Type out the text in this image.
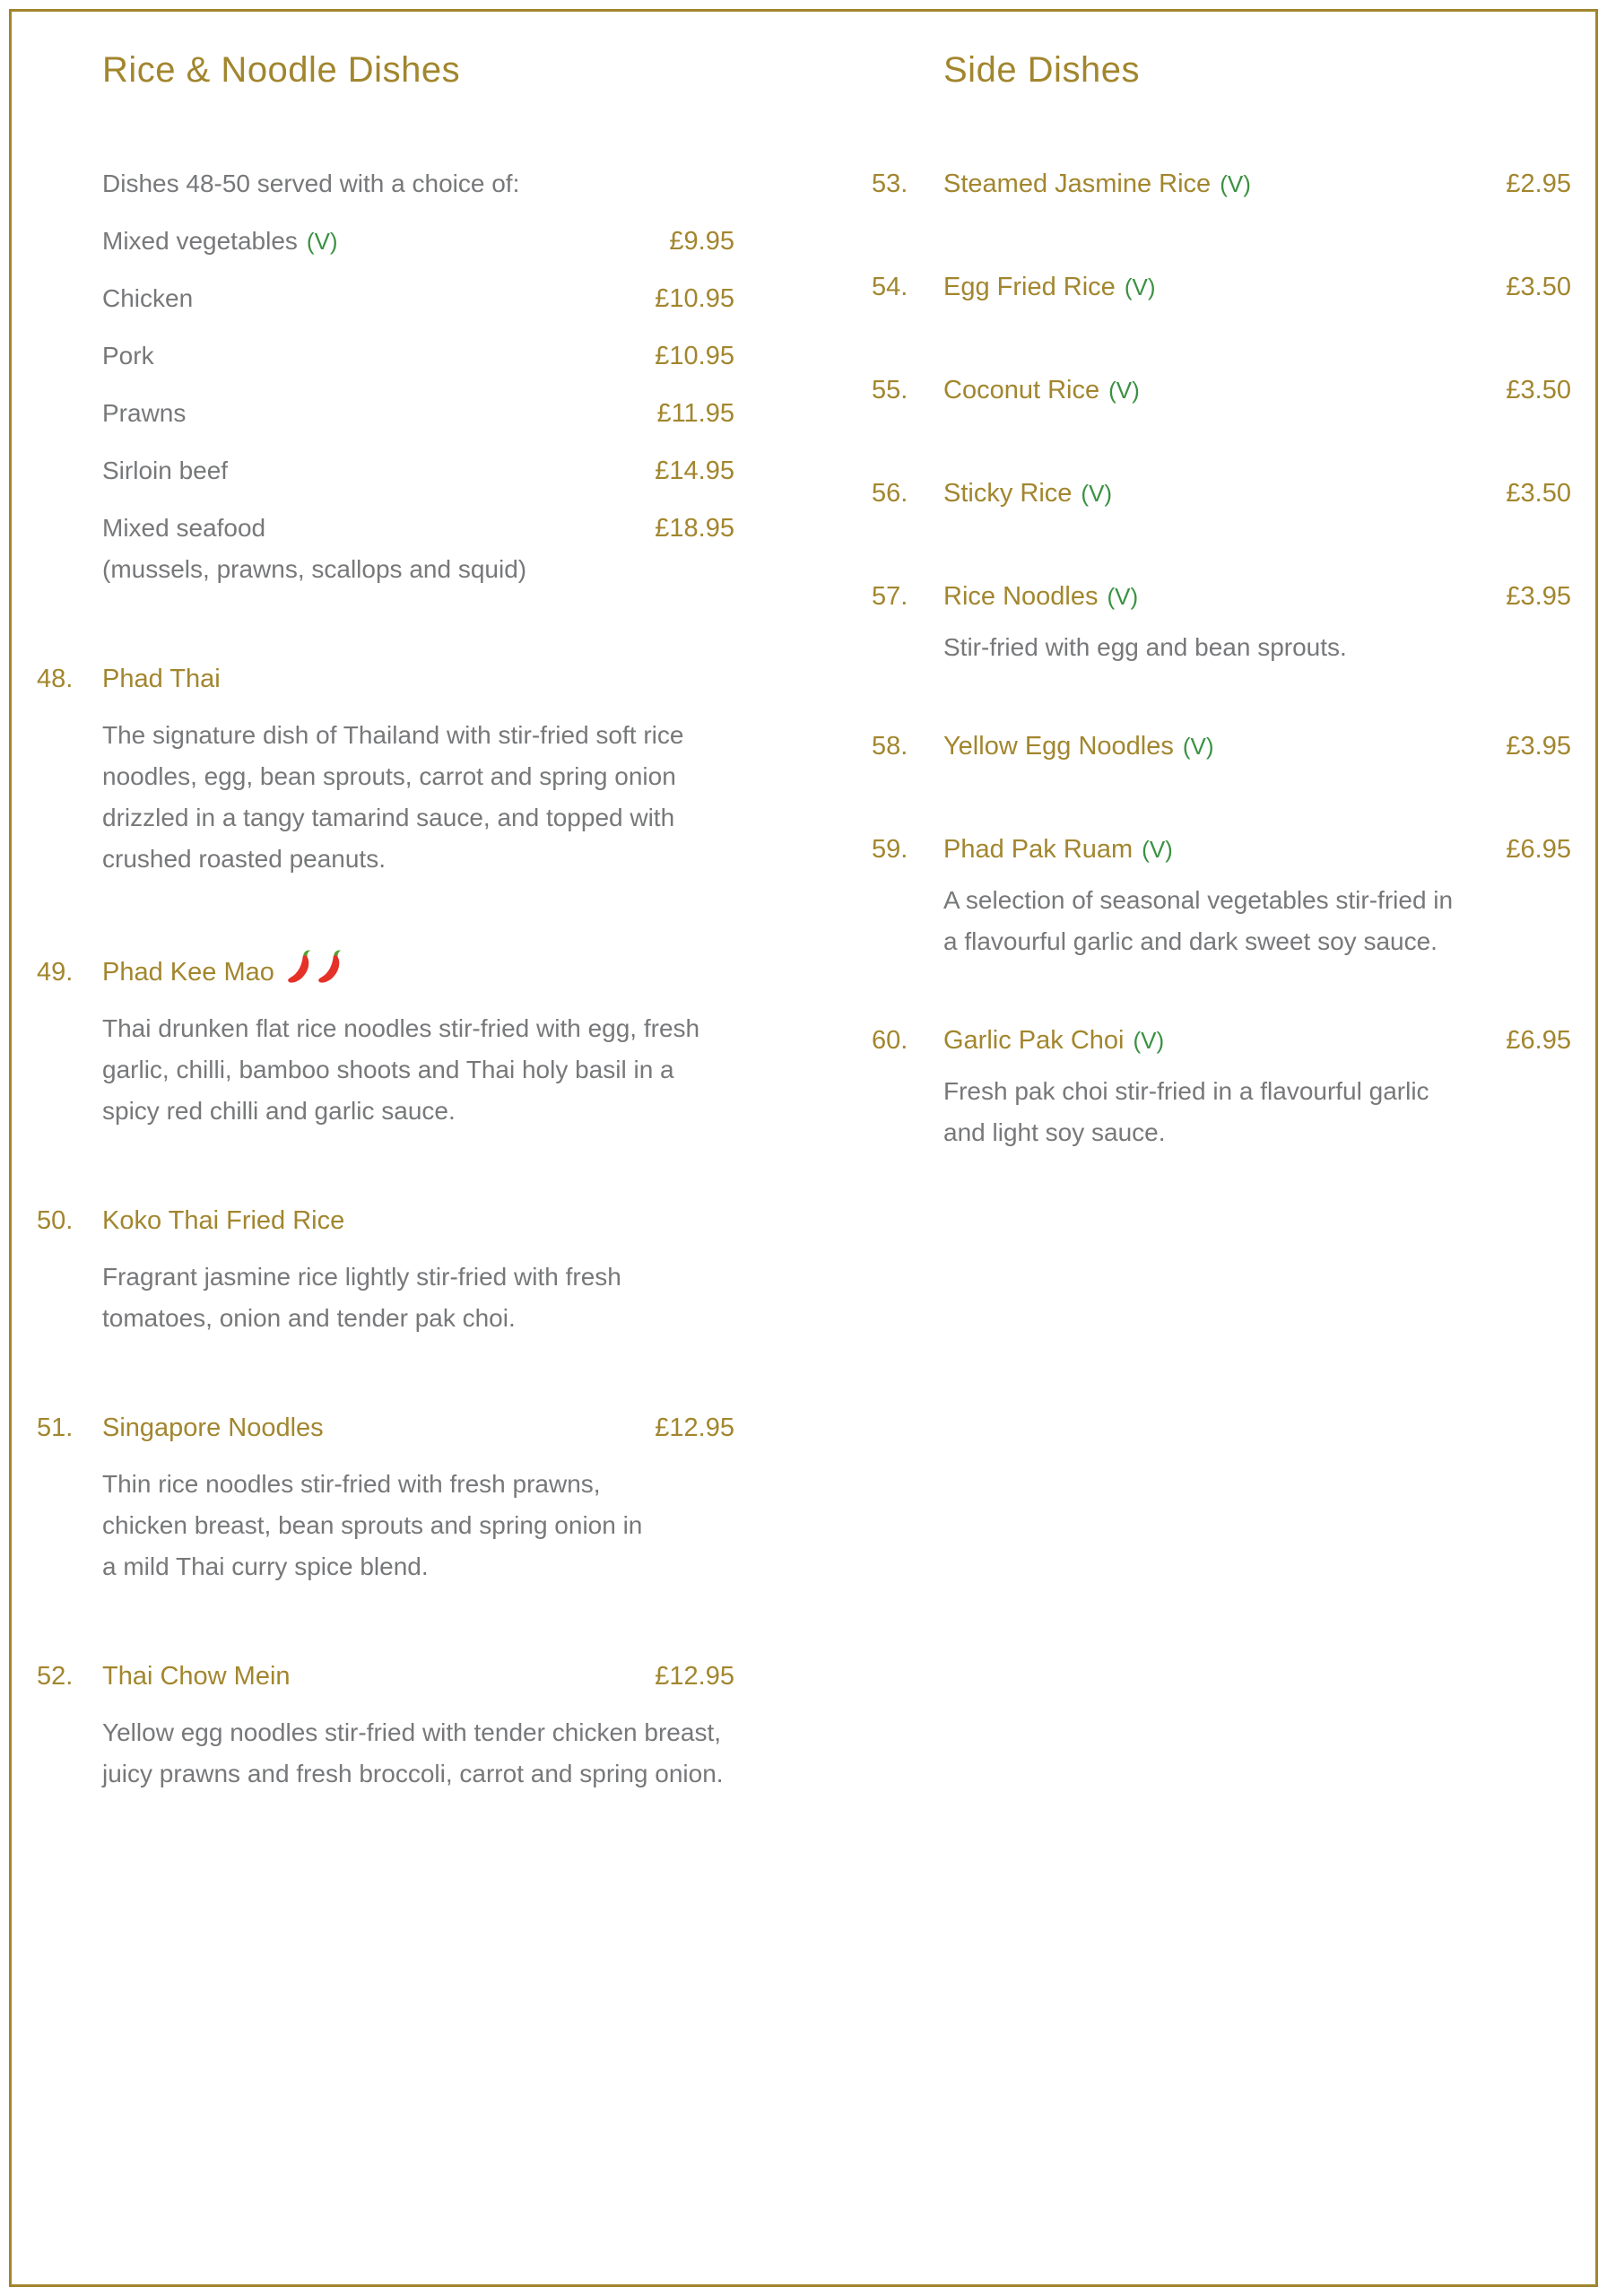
Rice & Noodle Dishes

Dishes 48-50 served with a choice of:

Mixed vegetables (V)	£9.95
Chicken	£10.95
Pork	£10.95
Prawns	£11.95
Sirloin beef	£14.95
Mixed seafood	£18.95

(mussels, prawns, scallops and squid)

48.	Phad Thai

The signature dish of Thailand with stir-fried soft rice noodles, egg, bean sprouts, carrot and spring onion drizzled in a tangy tamarind sauce, and topped with crushed roasted peanuts.

49.	Phad Kee Mao

Thai drunken flat rice noodles stir-fried with egg, fresh garlic, chilli, bamboo shoots and Thai holy basil in a spicy red chilli and garlic sauce.

50.	Koko Thai Fried Rice

Fragrant jasmine rice lightly stir-fried with fresh tomatoes, onion and tender pak choi.

51.	Singapore Noodles	£12.95

Thin rice noodles stir-fried with fresh prawns, chicken breast, bean sprouts and spring onion in a mild Thai curry spice blend.

52.	Thai Chow Mein	£12.95

Yellow egg noodles stir-fried with tender chicken breast, juicy prawns and fresh broccoli, carrot and spring onion.

Side Dishes
53.	Steamed Jasmine Rice (V)	£2.95
54.	Egg Fried Rice (V)	£3.50
55.	Coconut Rice (V)	£3.50
56.	Sticky Rice (V)	£3.50
57.	Rice Noodles (V)	£3.95

Stir-fried with egg and bean sprouts.

58.	Yellow Egg Noodles (V)	£3.95
59.	Phad Pak Ruam (V)	£6.95

A selection of seasonal vegetables stir-fried in a flavourful garlic and dark sweet soy sauce.

60.	Garlic Pak Choi (V)	£6.95

Fresh pak choi stir-fried in a flavourful garlic and light soy sauce.
